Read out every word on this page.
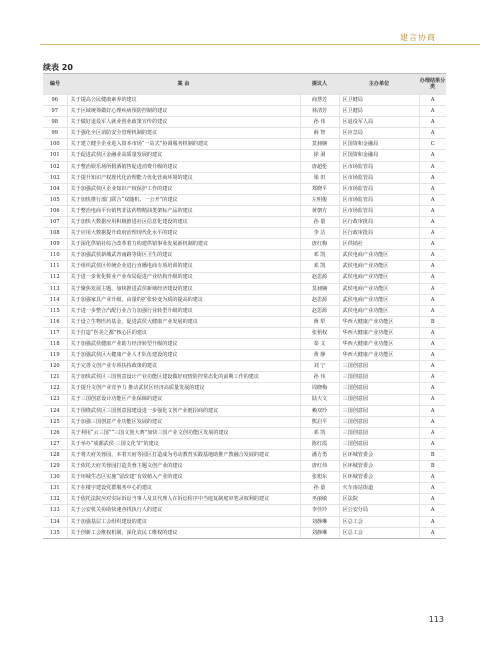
建言协商
续表 20
编号	案 由	提议人	主办单位	办理结果分类
96	关于提高公民健康素养的建议	商慧芳	区卫健局	A
97	关于区域统筹做好心理疾病预防控制的建议	林清芳	区卫健局	A
98	关于做好退役军人就业创业政策宣传的建议	孙 伟	区退役军人局	A
99	关于强化全区消防安全管理机制的建议	薛 智	区应急局	A
100	关于建立健全企业进入资本市场“一站式”协调服务机制的建议	莫昶娴	区国资和金融局	C
101	关于促进武侯区金融业高质量发展的建议	徐 洞	区国资和金融局	A
102	关于整治娱乐场所假酒销售促进消费升级的建议	唐超伦	区市场监管局	A
103	关于提升知识产权现代化治理能力优化营商环境的建议	梁 田	区市场监管局	A
104	关于加强武侯区企业知识产权保护工作的建议	郑晓平	区市场监管局	A
105	关于加快推行部门联合“双随机、一公开”的建议	左明俊	区市场监管局	A
106	关于整治电商平台销售非法药物精油类架标产品的建议	黄朝方	区市场监管局	A
107	关于加快大数据应用积极推进社区信息化建设的建议	孙 量	区行政审批局	A
108	关于应用大数据提升政府治理现代化水平的建议	李 洁	区行政审批局	A
109	关于深化供销社综合改革着力构建供销事业发展新机制的建议	唐红梅	区供销社	A
110	关于加强武侯新城武青南路等街区卫生的建议	邓 凯	武侯电商产业功能区	A
111	关于组织武侯区传统企业进行直播电商专项培训的建议	邓 凯	武侯电商产业功能区	A
112	关于进一步优化鞋业产业布局促进产业结构升级的建议	赵思源	武侯电商产业功能区	A
113	关于聚焦发展主题，加快推进武侯新城经济建设的建议	莫昶娴	武侯电商产业功能区	A
114	关于加强家具产业升级，由量的扩张转变为质的提高的建议	赵思源	武侯电商产业功能区	A
115	关于进一步整合汽配行业合力加强行业转型升级的建议	赵思源	武侯电商产业功能区	A
116	关于设立生物医药基金，促进武侯大健康产业发展的建议	蒋 犁	华西大健康产业功能区	B
117	关于打造“医美之都”核心区的建议	张梧权	华西大健康产业功能区	A
118	关于加强武侯健康产业助力经济转型升级的建议	泰 文	华西大健康产业功能区	A
119	关于加强武侯区大健康产业人才队伍建设的建议	黄 静	华西大健康产业功能区	A
120	关于完善文创产业专项扶持政策的建议	刘 宁	三国创意园	A
121	关于加快武侯区三国创意设计产业功能区建设做好疫情防控常态化的前期工作的建议	孙 伟	三国创意园	A
122	关于提升文创产业竞争力 推动武侯区经济高质量发展的建议	周晓梅	三国创意园	A
123	关于三国创意设计功能区产业保障的建议	陆大文	三国创意园	A
124	关于围绕武侯区三国创意园建设进一步强化文创产业链招商的建议	赖双玲	三国创意园	A
125	关于加强三国创意产业功能区发展的建议	熊启平	三国创意园	A
126	关于利用“云三国”“三国文创大赛”加快三国产业文创功能区发展的建议	邓 凯	三国创意园	A
127	关于举办“成都武侯·三国文化节”的建议	陈红霞	三国创意园	A
128	关于将天府芙蓉园，本着天府等园区打造成为劳动教育实践基地助推产教融合发展的建议	潘方勇	区环城管委会	B
129	关于依托天府芙蓉园打造芙蓉主题文创产业的建议	唐红伟	区环城管委会	B
130	关于环城生态区实施“留改建”有效植入产业的建议	张旭东	区环城管委会	A
131	关于在楼宇建设党群服务中心的建议	孙 量	火车南站街道	A
132	关于依托法院应对实际诉讼当事人及其代理人在诉讼程序中当庭复制庭审笔录权利的建议	巫丽敏	区法院	A
133	关于公安机关协助快速查找执行人的建议	李佳玲	区公安分局	A
134	关于加强基层工会组织建设的建议	刘静琳	区总工会	A
135	关于创新工会维权机制，深化农民工维权的建议	刘静琳	区总工会	A
113
